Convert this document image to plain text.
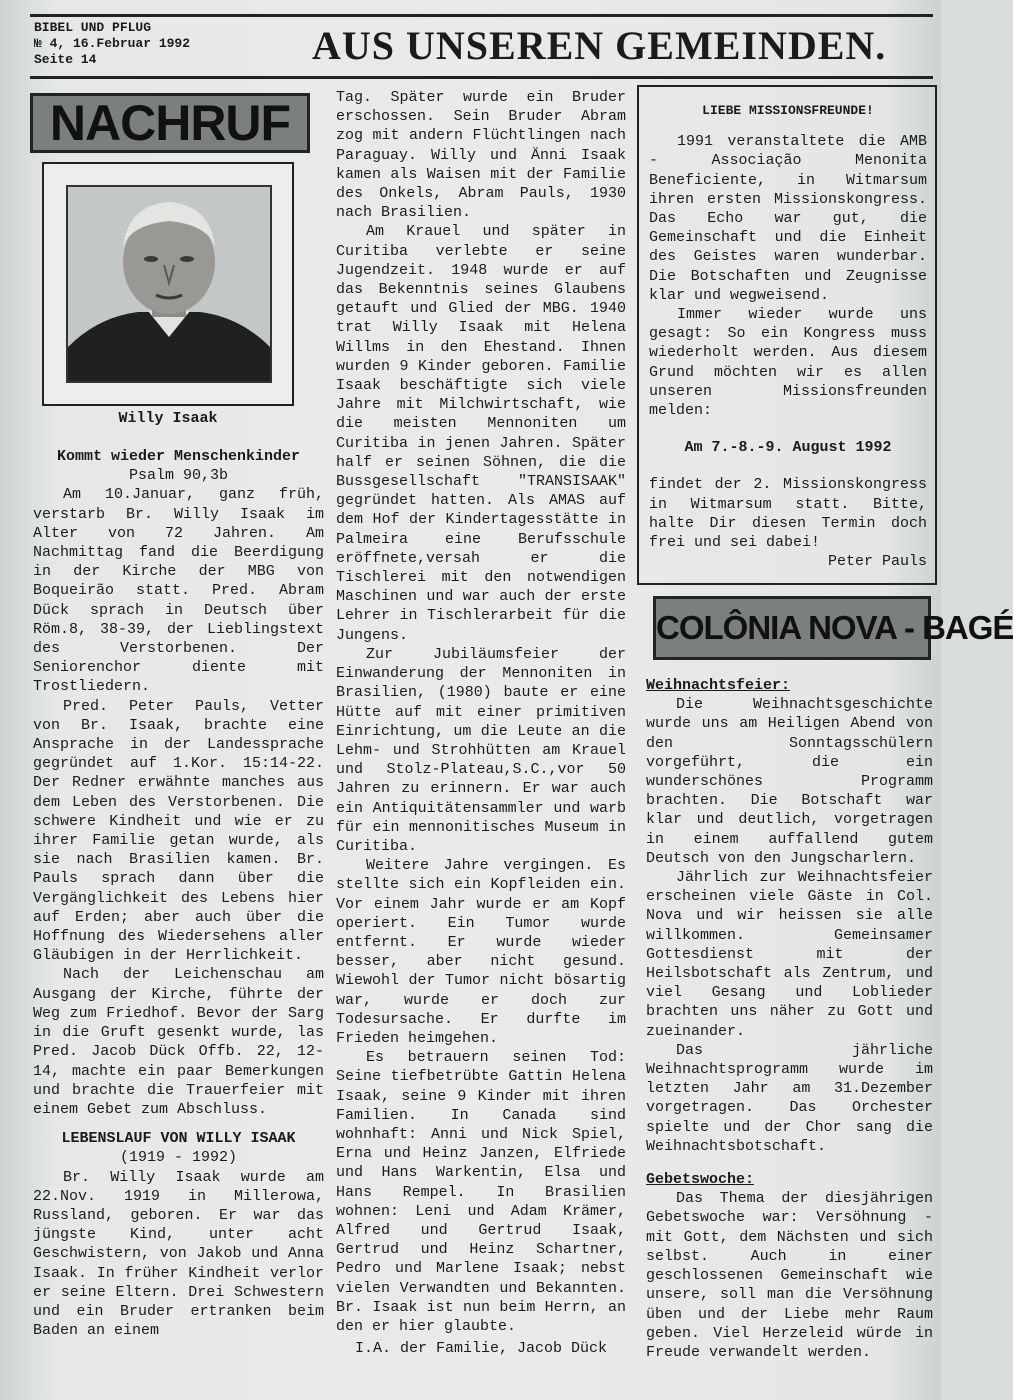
BIBEL UND PFLUG
№ 4, 16.Februar 1992
Seite 14	AUS UNSEREN GEMEINDEN.
NACHRUF
Willy Isaak

Kommt wieder Menschenkinder

Psalm 90,3b

Am 10.Januar, ganz früh, verstarb Br. Willy Isaak im Alter von 72 Jahren. Am Nachmittag fand die Beerdigung in der Kirche der MBG von Boqueirão statt. Pred. Abram Dück sprach in Deutsch über Röm.8, 38-39, der Lieblingstext des Verstorbenen. Der Seniorenchor diente mit Trostliedern.

Pred. Peter Pauls, Vetter von Br. Isaak, brachte eine Ansprache in der Landessprache gegründet auf 1.Kor. 15:14-22. Der Redner erwähnte manches aus dem Leben des Verstorbenen. Die schwere Kindheit und wie er zu ihrer Familie getan wurde, als sie nach Brasilien kamen. Br. Pauls sprach dann über die Vergänglichkeit des Lebens hier auf Erden; aber auch über die Hoffnung des Wiedersehens aller Gläubigen in der Herrlichkeit.

Nach der Leichenschau am Ausgang der Kirche, führte der Weg zum Friedhof. Bevor der Sarg in die Gruft gesenkt wurde, las Pred. Jacob Dück Offb. 22, 12-14, machte ein paar Bemerkungen und brachte die Trauerfeier mit einem Gebet zum Abschluss.

LEBENSLAUF VON WILLY ISAAK

(1919 - 1992)

Br. Willy Isaak wurde am 22.Nov. 1919 in Millerowa, Russland, geboren. Er war das jüngste Kind, unter acht Geschwistern, von Jakob und Anna Isaak. In früher Kindheit verlor er seine Eltern. Drei Schwestern und ein Bruder ertranken beim Baden an einem

Tag. Später wurde ein Bruder erschossen. Sein Bruder Abram zog mit andern Flüchtlingen nach Paraguay. Willy und Änni Isaak kamen als Waisen mit der Familie des Onkels, Abram Pauls, 1930 nach Brasilien.

Am Krauel und später in Curitiba verlebte er seine Jugendzeit. 1948 wurde er auf das Bekenntnis seines Glaubens getauft und Glied der MBG. 1940 trat Willy Isaak mit Helena Willms in den Ehestand. Ihnen wurden 9 Kinder geboren. Familie Isaak beschäftigte sich viele Jahre mit Milchwirtschaft, wie die meisten Mennoniten um Curitiba in jenen Jahren. Später half er seinen Söhnen, die die Bussgesellschaft "TRANSISAAK" gegründet hatten. Als AMAS auf dem Hof der Kindertagesstätte in Palmeira eine Berufsschule eröffnete,versah er die Tischlerei mit den notwendigen Maschinen und war auch der erste Lehrer in Tischlerarbeit für die Jungens.

Zur Jubiläumsfeier der Einwanderung der Mennoniten in Brasilien, (1980) baute er eine Hütte auf mit einer primitiven Einrichtung, um die Leute an die Lehm- und Strohhütten am Krauel und Stolz-Plateau,S.C.,vor 50 Jahren zu erinnern. Er war auch ein Antiquitätensammler und warb für ein mennonitisches Museum in Curitiba.

Weitere Jahre vergingen. Es stellte sich ein Kopfleiden ein. Vor einem Jahr wurde er am Kopf operiert. Ein Tumor wurde entfernt. Er wurde wieder besser, aber nicht gesund. Wiewohl der Tumor nicht bösartig war, wurde er doch zur Todesursache. Er durfte im Frieden heimgehen.

Es betrauern seinen Tod: Seine tiefbetrübte Gattin Helena Isaak, seine 9 Kinder mit ihren Familien. In Canada sind wohnhaft: Anni und Nick Spiel, Erna und Heinz Janzen, Elfriede und Hans Warkentin, Elsa und Hans Rempel. In Brasilien wohnen: Leni und Adam Krämer, Alfred und Gertrud Isaak, Gertrud und Heinz Schartner, Pedro und Marlene Isaak; nebst vielen Verwandten und Bekannten. Br. Isaak ist nun beim Herrn, an den er hier glaubte.

I.A. der Familie, Jacob Dück

LIEBE MISSIONSFREUNDE!

1991 veranstaltete die AMB - Associação Menonita Beneficiente, in Witmarsum ihren ersten Missionskongress. Das Echo war gut, die Gemeinschaft und die Einheit des Geistes waren wunderbar. Die Botschaften und Zeugnisse klar und wegweisend.

Immer wieder wurde uns gesagt: So ein Kongress muss wiederholt werden. Aus diesem Grund möchten wir es allen unseren Missionsfreunden melden:

Am 7.-8.-9. August 1992

findet der 2. Missionskongress in Witmarsum statt. Bitte, halte Dir diesen Termin doch frei und sei dabei!

Peter Pauls

COLÔNIA NOVA - BAGÉ

Weihnachtsfeier:

Die Weihnachtsgeschichte wurde uns am Heiligen Abend von den Sonntagsschülern vorgeführt, die ein wunderschönes Programm brachten. Die Botschaft war klar und deutlich, vorgetragen in einem auffallend gutem Deutsch von den Jungscharlern.

Jährlich zur Weihnachtsfeier erscheinen viele Gäste in Col. Nova und wir heissen sie alle willkommen. Gemeinsamer Gottesdienst mit der Heilsbotschaft als Zentrum, und viel Gesang und Loblieder brachten uns näher zu Gott und zueinander.

Das jährliche Weihnachtsprogramm wurde im letzten Jahr am 31.Dezember vorgetragen. Das Orchester spielte und der Chor sang die Weihnachtsbotschaft.

Gebetswoche:

Das Thema der diesjährigen Gebetswoche war: Versöhnung - mit Gott, dem Nächsten und sich selbst. Auch in einer geschlossenen Gemeinschaft wie unsere, soll man die Versöhnung üben und der Liebe mehr Raum geben. Viel Herzeleid würde in Freude verwandelt werden.
